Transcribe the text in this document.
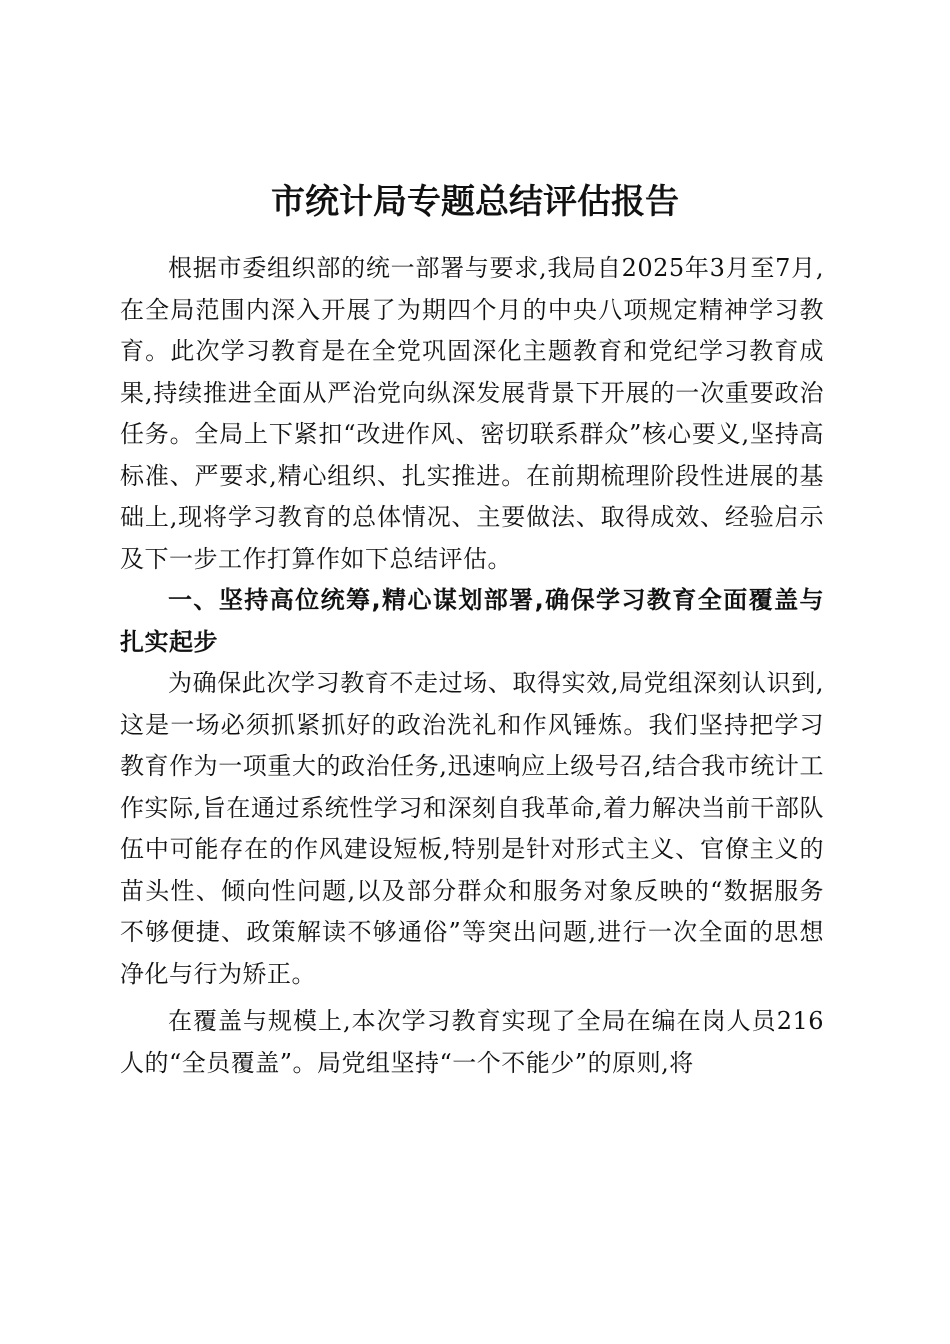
市统计局专题总结评估报告

根据市委组织部的统一部署与要求,我局自2025年3月至7月,在全局范围内深入开展了为期四个月的中央八项规定精神学习教育。此次学习教育是在全党巩固深化主题教育和党纪学习教育成果,持续推进全面从严治党向纵深发展背景下开展的一次重要政治任务。全局上下紧扣“改进作风、密切联系群众”核心要义,坚持高标准、严要求,精心组织、扎实推进。在前期梳理阶段性进展的基础上,现将学习教育的总体情况、主要做法、取得成效、经验启示及下一步工作打算作如下总结评估。

一、坚持高位统筹,精心谋划部署,确保学习教育全面覆盖与扎实起步

为确保此次学习教育不走过场、取得实效,局党组深刻认识到,这是一场必须抓紧抓好的政治洗礼和作风锤炼。我们坚持把学习教育作为一项重大的政治任务,迅速响应上级号召,结合我市统计工作实际,旨在通过系统性学习和深刻自我革命,着力解决当前干部队伍中可能存在的作风建设短板,特别是针对形式主义、官僚主义的苗头性、倾向性问题,以及部分群众和服务对象反映的“数据服务不够便捷、政策解读不够通俗”等突出问题,进行一次全面的思想净化与行为矫正。

在覆盖与规模上,本次学习教育实现了全局在编在岗人员216人的“全员覆盖”。局党组坚持“一个不能少”的原则,将
